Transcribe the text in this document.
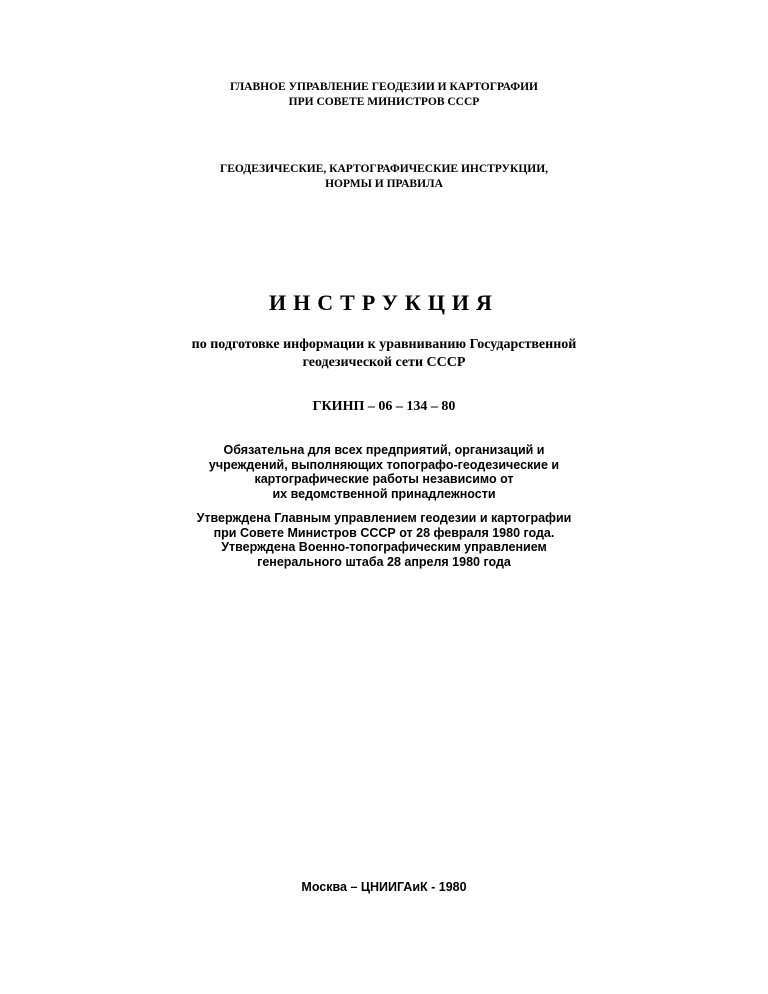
ГЛАВНОЕ УПРАВЛЕНИЕ ГЕОДЕЗИИ И КАРТОГРАФИИ
ПРИ СОВЕТЕ МИНИСТРОВ СССР
ГЕОДЕЗИЧЕСКИЕ, КАРТОГРАФИЧЕСКИЕ ИНСТРУКЦИИ,
НОРМЫ И ПРАВИЛА
ИНСТРУКЦИЯ
по подготовке информации к уравниванию Государственной
геодезической сети СССР
ГКИНП – 06 – 134 – 80
Обязательна для всех предприятий, организаций и
учреждений, выполняющих топографо-геодезические и
картографические работы независимо от
их ведомственной принадлежности
Утверждена Главным управлением геодезии и картографии
при Совете Министров СССР от 28 февраля 1980 года.
Утверждена Военно-топографическим управлением
генерального штаба 28 апреля 1980 года
Москва – ЦНИИГАиК - 1980
